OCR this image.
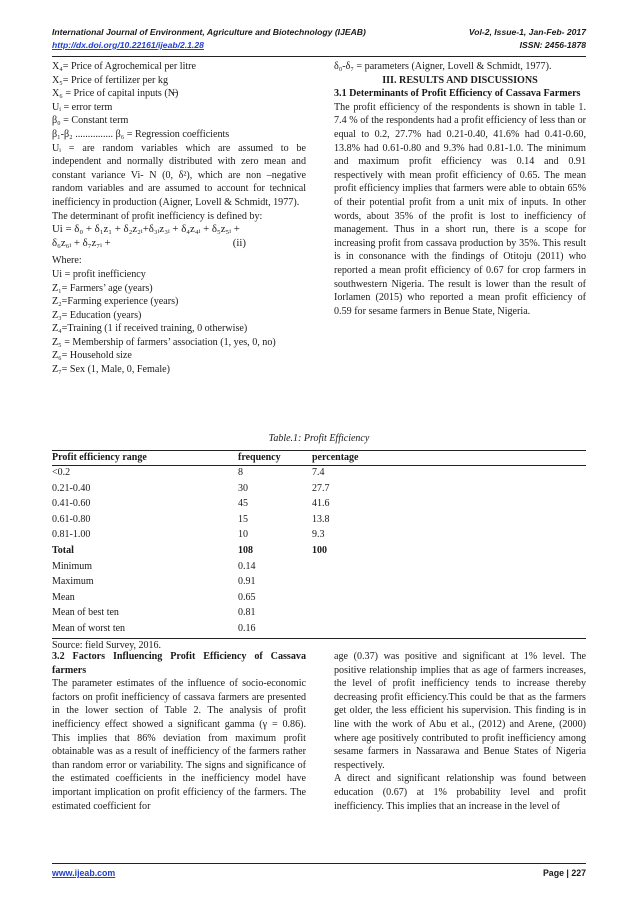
International Journal of Environment, Agriculture and Biotechnology (IJEAB)	Vol-2, Issue-1, Jan-Feb- 2017
http://dx.doi.org/10.22161/ijeab/2.1.28	ISSN: 2456-1878

X₄= Price of Agrochemical per litre

X₅= Price of fertilizer per kg

X₆ = Price of capital inputs (N̶)

Uᵢ = error term

β₀ = Constant term

β₁-β₂ ............... β₆ = Regression coefficients

Uᵢ = are random variables which are assumed to be independent and normally distributed with zero mean and constant variance Vi- N (0, δ²), which are non –negative random variables and are assumed to account for technical inefficiency in production (Aigner, Lovell & Schmidt, 1977).

The determinant of profit inefficiency is defined by:

Ui = δ₀ + δ₁z₁ + δ₂z₂ᵢ+δ₃ᵢz₃ᵢ + δ₄z₄ᵢ + δ₅z₅ᵢ +

δ₆z₆ᵢ + δ₇z₇ᵢ +	(ii)

Where:

Ui = profit inefficiency

Z₁= Farmers’ age (years)

Z₂=Farming experience (years)

Z₃= Education (years)

Z₄=Training (1 if received training, 0 otherwise)

Z₅ = Membership of farmers’ association (1, yes, 0, no)

Z₆= Household size

Z₇= Sex (1, Male, 0, Female)

δ₀-δ₇ = parameters (Aigner, Lovell & Schmidt, 1977).

III. RESULTS AND DISCUSSIONS

3.1 Determinants of Profit Efficiency of Cassava Farmers

The profit efficiency of the respondents is shown in table 1. 7.4 % of the respondents had a profit efficiency of less than or equal to 0.2, 27.7% had 0.21-0.40, 41.6% had 0.41-0.60, 13.8% had 0.61-0.80 and 9.3% had 0.81-1.0. The minimum and maximum profit efficiency was 0.14 and 0.91 respectively with mean profit efficiency of 0.65. The mean profit efficiency implies that farmers were able to obtain 65% of their potential profit from a unit mix of inputs. In other words, about 35% of the profit is lost to inefficiency of management. Thus in a short run, there is a scope for increasing profit from cassava production by 35%. This result is in consonance with the findings of Otitoju (2011) who reported a mean profit efficiency of 0.67 for crop farmers in southwestern Nigeria. The result is lower than the result of Iorlamen (2015) who reported a mean profit efficiency of 0.59 for sesame farmers in Benue State, Nigeria.

Table.1: Profit Efficiency
Profit efficiency range	frequency	percentage
<0.2	8	7.4
0.21-0.40	30	27.7
0.41-0.60	45	41.6
0.61-0.80	15	13.8
0.81-1.00	10	9.3
Total	108	100
Minimum	0.14
Maximum	0.91
Mean	0.65
Mean of best ten	0.81
Mean of worst ten	0.16
Source: field Survey, 2016.

3.2 Factors Influencing Profit Efficiency of Cassava farmers

The parameter estimates of the influence of socio-economic factors on profit inefficiency of cassava farmers are presented in the lower section of Table 2. The analysis of profit inefficiency effect showed a significant gamma (γ = 0.86). This implies that 86% deviation from maximum profit obtainable was as a result of inefficiency of the farmers rather than random error or variability. The signs and significance of the estimated coefficients in the inefficiency model have important implication on profit efficiency of the farmers. The estimated coefficient for

age (0.37) was positive and significant at 1% level. The positive relationship implies that as age of farmers increases, the level of profit inefficiency tends to increase thereby decreasing profit efficiency.This could be that as the farmers get older, the less efficient his supervision. This finding is in line with the work of Abu et al., (2012) and Arene, (2000) where age positively contributed to profit inefficiency among sesame farmers in Nassarawa and Benue States of Nigeria respectively.

A direct and significant relationship was found between education (0.67) at 1% probability level and profit inefficiency. This implies that an increase in the level of

www.ijeab.com	Page | 227
